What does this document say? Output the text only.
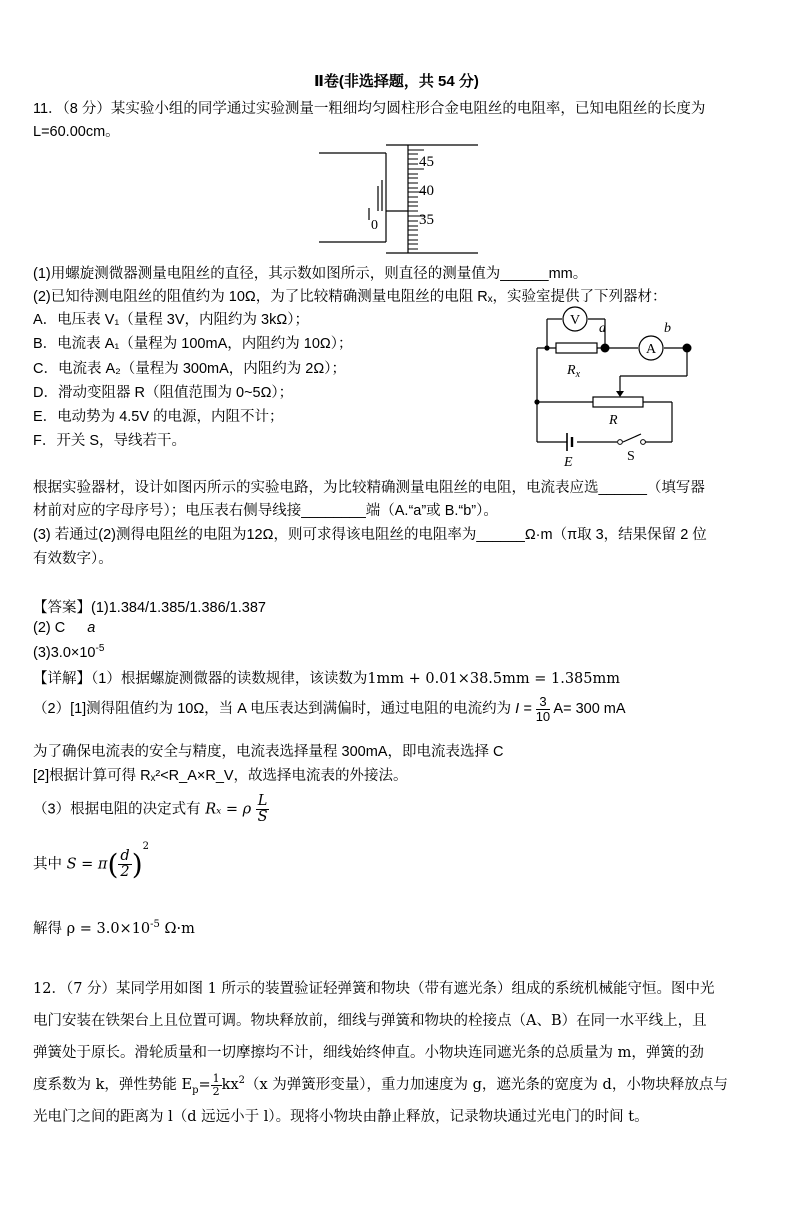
Ⅱ卷(非选择题，共 54 分)
11．（8 分）某实验小组的同学通过实验测量一粗细均匀圆柱形合金电阻丝的电阻率，已知电阻丝的长度为
L=60.00cm。
45
40
35
0
(1)用螺旋测微器测量电阻丝的直径，其示数如图所示，则直径的测量值为______mm。
(2)已知待测电阻丝的阻值约为 10Ω，为了比较精确测量电阻丝的电阻 Rₓ，实验室提供了下列器材：
A．电压表 V₁（量程 3V，内阻约为 3kΩ）；
B．电流表 A₁（量程为 100mA，内阻约为 10Ω）；
C．电流表 A₂（量程为 300mA，内阻约为 2Ω）；
D．滑动变阻器 R（阻值范围为 0~5Ω）；
E．电动势为 4.5V 的电源，内阻不计；
F．开关 S，导线若干。
V
A
a	b
$R_x$
R
E	S
根据实验器材，设计如图丙所示的实验电路，为比较精确测量电阻丝的电阻，电流表应选______（填写器
材前对应的字母序号）；电压表右侧导线接________端（A.“a”或 B.“b”）。
(3) 若通过(2)测得电阻丝的电阻为12Ω，则可求得该电阻丝的电阻率为______Ω·m（π取 3，结果保留 2 位
有效数字）。
【答案】(1)1.384/1.385/1.386/1.387
(2) C a
$(3)3.0\times 10^{-5}$
【详解】（1）根据螺旋测微器的读数规律，该读数为1mm + 0.01×38.5mm = 1.385mm
（2）[1]测得阻值约为 10Ω，当 A 电压表达到满偏时，通过电阻的电流约为 $I = \frac{3}{10} A= 300$ mA
为了确保电流表的安全与精度，电流表选择量程 300mA，即电流表选择 C
[2]根据计算可得 Rₓ²<R_A×R_V，故选择电流表的外接法。
（3）根据电阻的决定式有 Rₓ = ρ $\frac{L}{S}$
其中 $S = \pi( \frac{d}{2} )^2$
解得 $\rho = 3.0\times 10^{-5}$ Ω·m
12．（7 分）某同学用如图 1 所示的装置验证轻弹簧和物块（带有遮光条）组成的系统机械能守恒。图中光
电门安装在铁架台上且位置可调。物块释放前，细线与弹簧和物块的栓接点（A、B）在同一水平线上，且
弹簧处于原长。滑轮质量和一切摩擦均不计，细线始终伸直。小物块连同遮光条的总质量为 m，弹簧的劲
度系数为 k，弹性势能 $E_p= \frac{1}{2} kx^2(x$ 为弹簧形变量），重力加速度为 g，遮光条的宽度为 d，小物块释放点与
光电门之间的距离为 l（d 远远小于 l）。现将小物块由静止释放，记录物块通过光电门的时间 t。
